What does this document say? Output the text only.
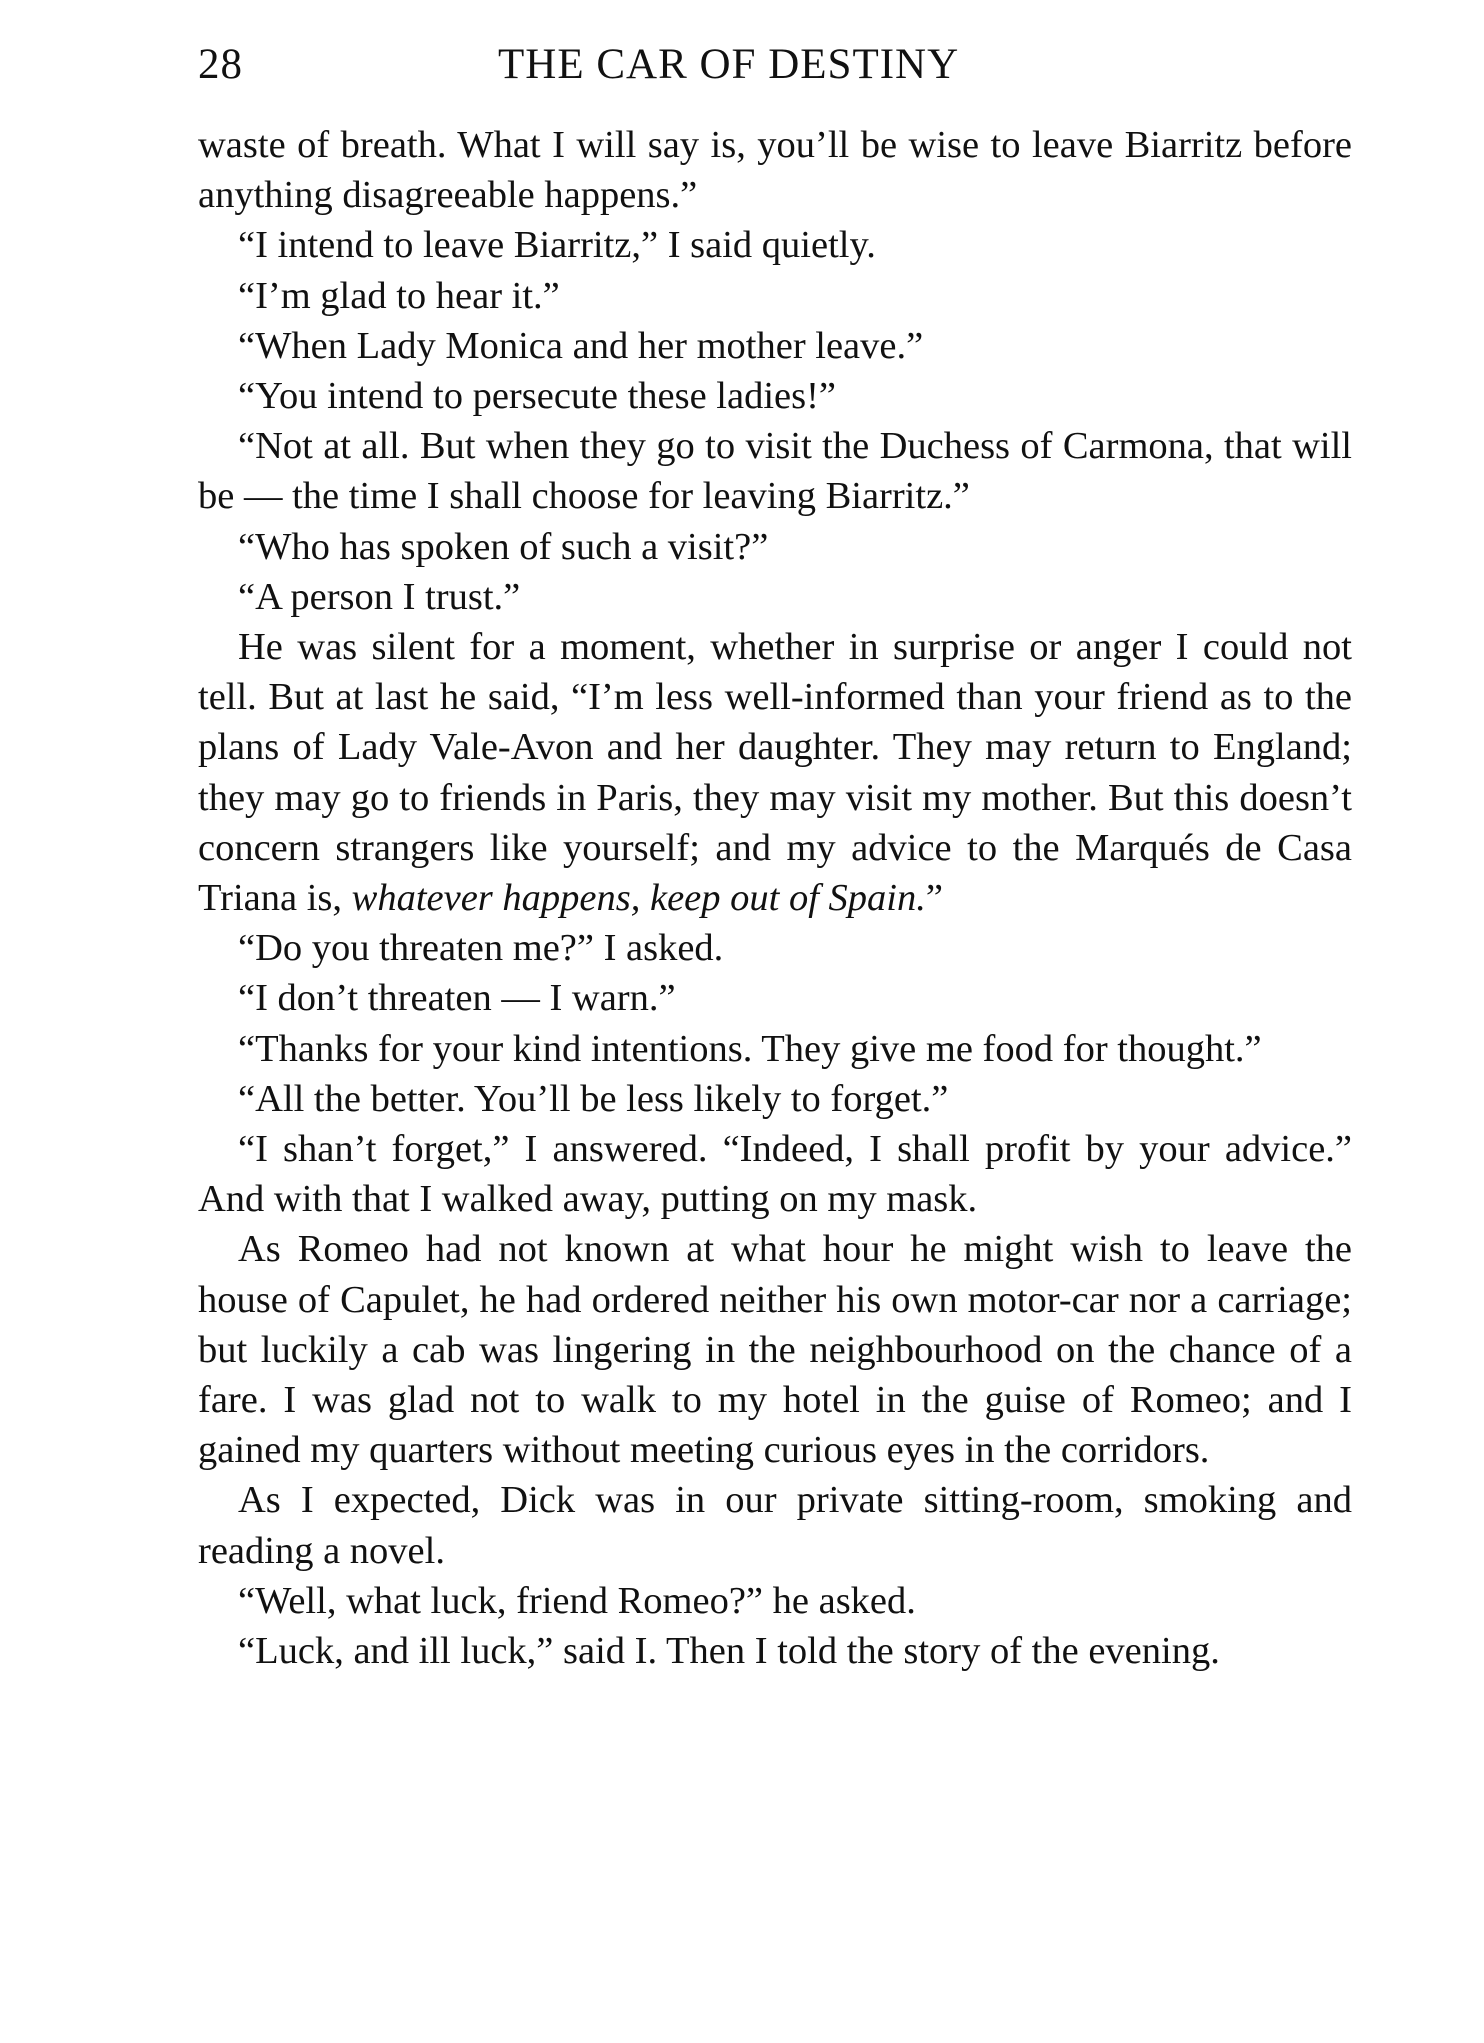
28	THE CAR OF DESTINY

waste of breath. What I will say is, you’ll be wise to leave Biarritz before anything disagreeable happens.”

“I intend to leave Biarritz,” I said quietly.

“I’m glad to hear it.”

“When Lady Monica and her mother leave.”

“You intend to persecute these ladies!”

“Not at all. But when they go to visit the Duchess of Carmona, that will be — the time I shall choose for leaving Biarritz.”

“Who has spoken of such a visit?”

“A person I trust.”

He was silent for a moment, whether in surprise or anger I could not tell. But at last he said, “I’m less well-informed than your friend as to the plans of Lady Vale-Avon and her daughter. They may return to England; they may go to friends in Paris, they may visit my mother. But this doesn’t concern strangers like yourself; and my advice to the Marqués de Casa Triana is, whatever happens, keep out of Spain.”

“Do you threaten me?” I asked.

“I don’t threaten — I warn.”

“Thanks for your kind intentions. They give me food for thought.”

“All the better. You’ll be less likely to forget.”

“I shan’t forget,” I answered. “Indeed, I shall profit by your advice.” And with that I walked away, putting on my mask.

As Romeo had not known at what hour he might wish to leave the house of Capulet, he had ordered neither his own motor-car nor a carriage; but luckily a cab was lingering in the neighbourhood on the chance of a fare. I was glad not to walk to my hotel in the guise of Romeo; and I gained my quarters without meeting curious eyes in the corridors.

As I expected, Dick was in our private sitting-room, smoking and reading a novel.

“Well, what luck, friend Romeo?” he asked.

“Luck, and ill luck,” said I. Then I told the story of the evening.
